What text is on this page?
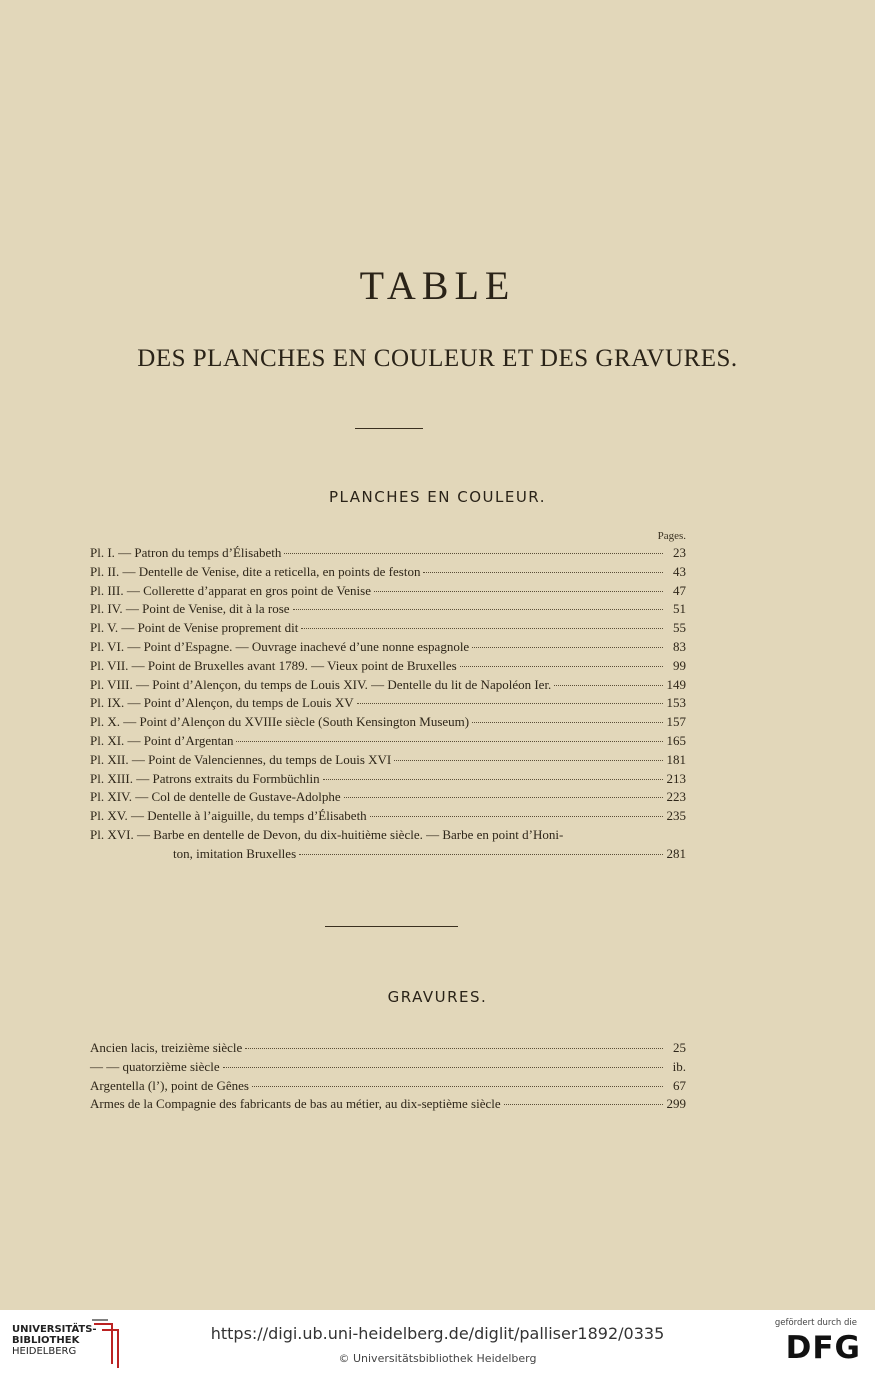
TABLE
DES PLANCHES EN COULEUR ET DES GRAVURES.
PLANCHES EN COULEUR.
Pages.
Pl. I. — Patron du temps d’Élisabeth	23
Pl. II. — Dentelle de Venise, dite a reticella, en points de feston	43
Pl. III. — Collerette d’apparat en gros point de Venise	47
Pl. IV. — Point de Venise, dit à la rose	51
Pl. V. — Point de Venise proprement dit	55
Pl. VI. — Point d’Espagne. — Ouvrage inachevé d’une nonne espagnole	83
Pl. VII. — Point de Bruxelles avant 1789. — Vieux point de Bruxelles	99
Pl. VIII. — Point d’Alençon, du temps de Louis XIV. — Dentelle du lit de Napoléon Ier.	149
Pl. IX. — Point d’Alençon, du temps de Louis XV	153
Pl. X. — Point d’Alençon du XVIIIe siècle (South Kensington Museum)	157
Pl. XI. — Point d’Argentan	165
Pl. XII. — Point de Valenciennes, du temps de Louis XVI	181
Pl. XIII. — Patrons extraits du Formbüchlin	213
Pl. XIV. — Col de dentelle de Gustave-Adolphe	223
Pl. XV. — Dentelle à l’aiguille, du temps d’Élisabeth	235
Pl. XVI. — Barbe en dentelle de Devon, du dix-huitième siècle. — Barbe en point d’Honi-
ton, imitation Bruxelles	281
GRAVURES.
Ancien lacis, treizième siècle	25
— — quatorzième siècle	ib.
Argentella (l’), point de Gênes	67
Armes de la Compagnie des fabricants de bas au métier, au dix-septième siècle	299
UNIVERSITÄTS-
BIBLIOTHEK
HEIDELBERG
https://digi.ub.uni-heidelberg.de/diglit/palliser1892/0335
© Universitätsbibliothek Heidelberg
gefördert durch die
DFG
